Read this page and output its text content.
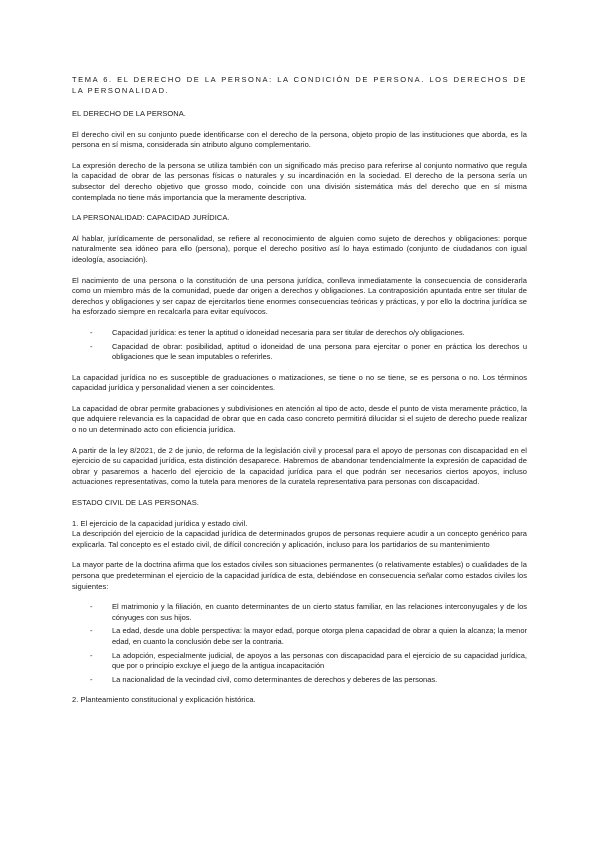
TEMA 6. EL DERECHO DE LA PERSONA: LA CONDICIÓN DE PERSONA. LOS DERECHOS DE LA PERSONALIDAD.

EL DERECHO DE LA PERSONA.

El derecho civil en su conjunto puede identificarse con el derecho de la persona, objeto propio de las instituciones que aborda, es la persona en sí misma, considerada sin atributo alguno complementario.

La expresión derecho de la persona se utiliza también con un significado más preciso para referirse al conjunto normativo que regula la capacidad de obrar de las personas físicas o naturales y su incardinación en la sociedad. El derecho de la persona sería un subsector del derecho objetivo que grosso modo, coincide con una división sistemática más del derecho que en sí misma contemplada no tiene más importancia que la meramente descriptiva.

LA PERSONALIDAD: CAPACIDAD JURÍDICA.

Al hablar, jurídicamente de personalidad, se refiere al reconocimiento de alguien como sujeto de derechos y obligaciones: porque naturalmente sea idóneo para ello (persona), porque el derecho positivo así lo haya estimado (conjunto de ciudadanos con igual ideología, asociación).

El nacimiento de una persona o la constitución de una persona jurídica, conlleva inmediatamente la consecuencia de considerarla como un miembro más de la comunidad, puede dar origen a derechos y obligaciones. La contraposición apuntada entre ser titular de derechos y obligaciones y ser capaz de ejercitarlos tiene enormes consecuencias teóricas y prácticas, y por ello la doctrina jurídica se ha esforzado siempre en recalcarla para evitar equívocos.

-	Capacidad jurídica: es tener la aptitud o idoneidad necesaria para ser titular de derechos o/y obligaciones.
-	Capacidad de obrar: posibilidad, aptitud o idoneidad de una persona para ejercitar o poner en práctica los derechos u obligaciones que le sean imputables o referirles.

La capacidad jurídica no es susceptible de graduaciones o matizaciones, se tiene o no se tiene, se es persona o no. Los términos capacidad jurídica y personalidad vienen a ser coincidentes.

La capacidad de obrar permite grabaciones y subdivisiones en atención al tipo de acto, desde el punto de vista meramente práctico, la que adquiere relevancia es la capacidad de obrar que en cada caso concreto permitirá dilucidar si el sujeto de derecho puede realizar o no un determinado acto con eficiencia jurídica.

A partir de la ley 8/2021, de 2 de junio, de reforma de la legislación civil y procesal para el apoyo de personas con discapacidad en el ejercicio de su capacidad jurídica, esta distinción desaparece. Habremos de abandonar tendencialmente la expresión de capacidad de obrar y pasaremos a hacerlo del ejercicio de la capacidad jurídica para el que podrán ser necesarios ciertos apoyos, incluso actuaciones representativas, como la tutela para menores de la curatela representativa para personas con discapacidad.

ESTADO CIVIL DE LAS PERSONAS.

1. El ejercicio de la capacidad jurídica y estado civil.

La descripción del ejercicio de la capacidad jurídica de determinados grupos de personas requiere acudir a un concepto genérico para explicarla. Tal concepto es el estado civil, de difícil concreción y aplicación, incluso para los partidarios de su mantenimiento

La mayor parte de la doctrina afirma que los estados civiles son situaciones permanentes (o relativamente estables) o cualidades de la persona que predeterminan el ejercicio de la capacidad jurídica de esta, debiéndose en consecuencia señalar como estados civiles los siguientes:

-	El matrimonio y la filiación, en cuanto determinantes de un cierto status familiar, en las relaciones interconyugales y de los cónyuges con sus hijos.
-	La edad, desde una doble perspectiva: la mayor edad, porque otorga plena capacidad de obrar a quien la alcanza; la menor edad, en cuanto la conclusión debe ser la contraria.
-	La adopción, especialmente judicial, de apoyos a las personas con discapacidad para el ejercicio de su capacidad jurídica, que por o principio excluye el juego de la antigua incapacitación
-	La nacionalidad de la vecindad civil, como determinantes de derechos y deberes de las personas.

2. Planteamiento constitucional y explicación histórica.
